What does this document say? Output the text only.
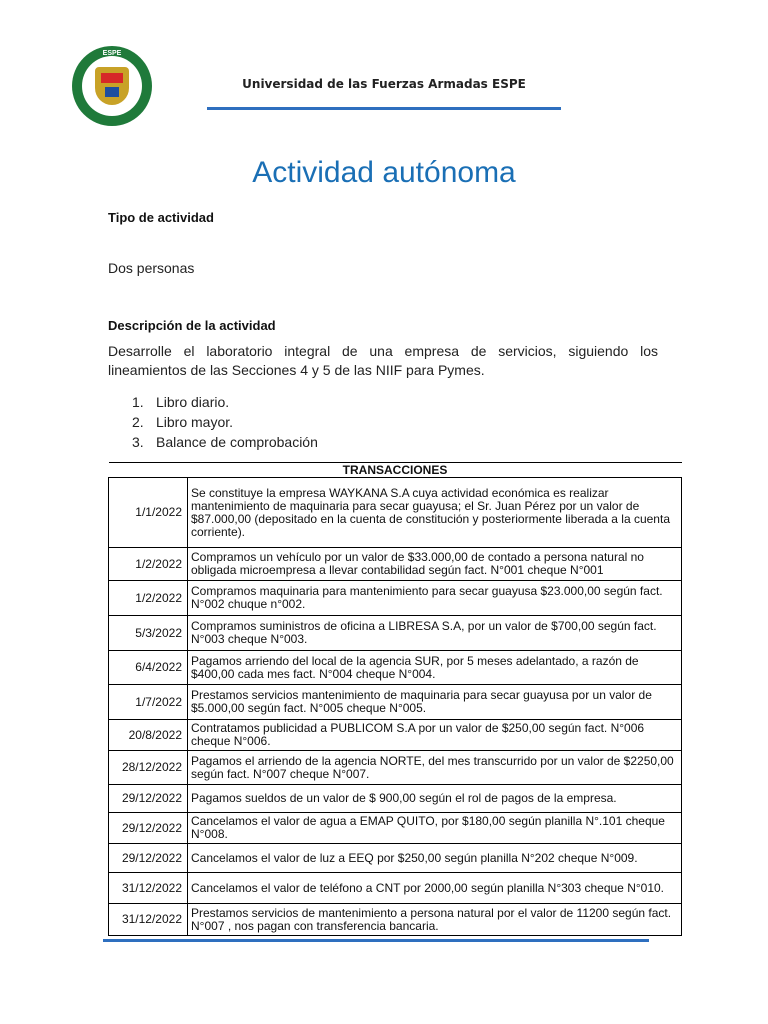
ESPE
Universidad de las Fuerzas Armadas ESPE
Actividad autónoma
Tipo de actividad
Dos personas
Descripción de la actividad
Desarrolle el laboratorio integral de una empresa de servicios, siguiendo los lineamientos de las Secciones 4 y 5 de las NIIF para Pymes.
1. Libro diario.
2. Libro mayor.
3. Balance de comprobación
TRANSACCIONES	
1/1/2022	Se constituye la empresa WAYKANA S.A cuya actividad económica es realizar mantenimiento de maquinaria para secar guayusa; el Sr. Juan Pérez por un valor de $87.000,00 (depositado en la cuenta de constitución y posteriormente liberada a la cuenta corriente).
1/2/2022	Compramos un vehículo por un valor de $33.000,00 de contado a persona natural no obligada microempresa a llevar contabilidad según fact. N°001 cheque N°001
1/2/2022	Compramos maquinaria para mantenimiento para secar guayusa $23.000,00 según fact. N°002 chuque n°002.
5/3/2022	Compramos suministros de oficina a LIBRESA S.A, por un valor de $700,00 según fact. N°003 cheque N°003.
6/4/2022	Pagamos arriendo del local de la agencia SUR, por 5 meses adelantado, a razón de $400,00 cada mes fact. N°004 cheque N°004.
1/7/2022	Prestamos servicios mantenimiento de maquinaria para secar guayusa por un valor de $5.000,00 según fact. N°005 cheque N°005.
20/8/2022	Contratamos publicidad a PUBLICOM S.A por un valor de $250,00 según fact. N°006 cheque N°006.
28/12/2022	Pagamos el arriendo de la agencia NORTE, del mes transcurrido por un valor de $2250,00 según fact. N°007 cheque N°007.
29/12/2022	Pagamos sueldos de un valor de $ 900,00 según el rol de pagos de la empresa.
29/12/2022	Cancelamos el valor de agua a EMAP QUITO, por $180,00 según planilla N°.101 cheque N°008.
29/12/2022	Cancelamos el valor de luz a EEQ por $250,00 según planilla N°202 cheque N°009.
31/12/2022	Cancelamos el valor de teléfono a CNT por 2000,00 según planilla N°303 cheque N°010.
31/12/2022	Prestamos servicios de mantenimiento a persona natural por el valor de 11200 según fact. N°007 , nos pagan con transferencia bancaria.
